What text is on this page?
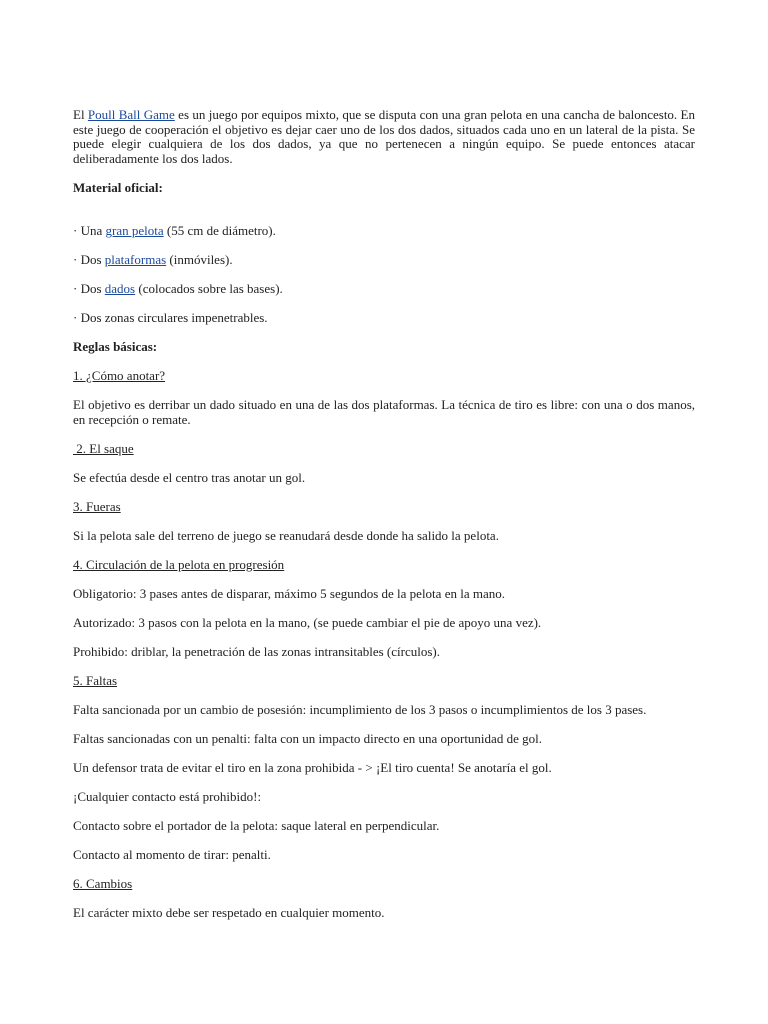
El Poull Ball Game es un juego por equipos mixto, que se disputa con una gran pelota en una cancha de baloncesto. En este juego de cooperación el objetivo es dejar caer uno de los dos dados, situados cada uno en un lateral de la pista. Se puede elegir cualquiera de los dos dados, ya que no pertenecen a ningún equipo. Se puede entonces atacar deliberadamente los dos lados.

Material oficial:

· Una gran pelota (55 cm de diámetro).

· Dos plataformas (inmóviles).

· Dos dados (colocados sobre las bases).

· Dos zonas circulares impenetrables.

Reglas básicas:

1. ¿Cómo anotar?

El objetivo es derribar un dado situado en una de las dos plataformas. La técnica de tiro es libre: con una o dos manos, en recepción o remate.

2. El saque

Se efectúa desde el centro tras anotar un gol.

3. Fueras

Si la pelota sale del terreno de juego se reanudará desde donde ha salido la pelota.

4. Circulación de la pelota en progresión

Obligatorio: 3 pases antes de disparar, máximo 5 segundos de la pelota en la mano.

Autorizado: 3 pasos con la pelota en la mano, (se puede cambiar el pie de apoyo una vez).

Prohibido: driblar, la penetración de las zonas intransitables (círculos).

5. Faltas

Falta sancionada por un cambio de posesión: incumplimiento de los 3 pasos o incumplimientos de los 3 pases.

Faltas sancionadas con un penalti: falta con un impacto directo en una oportunidad de gol.

Un defensor trata de evitar el tiro en la zona prohibida - > ¡El tiro cuenta! Se anotaría el gol.

¡Cualquier contacto está prohibido!:

Contacto sobre el portador de la pelota: saque lateral en perpendicular.

Contacto al momento de tirar: penalti.

6. Cambios

El carácter mixto debe ser respetado en cualquier momento.
